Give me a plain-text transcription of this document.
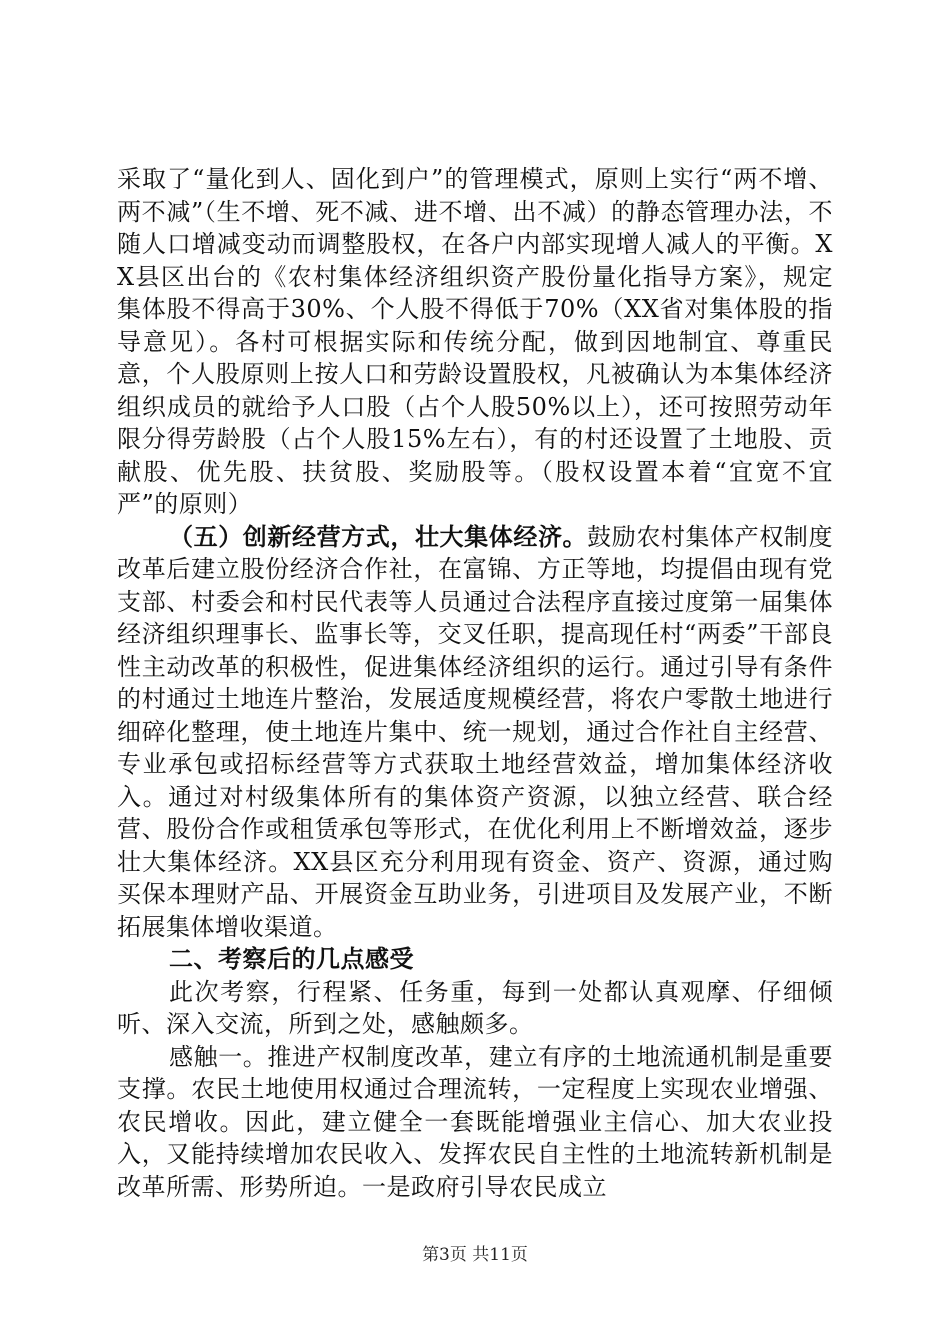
采取了“量化到人、固化到户”的管理模式，原则上实行“两不增、两不减”（生不增、死不减、进不增、出不减）的静态管理办法，不随人口增减变动而调整股权，在各户内部实现增人减人的平衡。XX县区出台的《农村集体经济组织资产股份量化指导方案》，规定集体股不得高于30%、个人股不得低于70%（XX省对集体股的指导意见）。各村可根据实际和传统分配，做到因地制宜、尊重民意，个人股原则上按人口和劳龄设置股权，凡被确认为本集体经济组织成员的就给予人口股（占个人股50%以上），还可按照劳动年限分得劳龄股（占个人股15%左右），有的村还设置了土地股、贡献股、优先股、扶贫股、奖励股等。（股权设置本着“宜宽不宜严”的原则）

（五）创新经营方式，壮大集体经济。鼓励农村集体产权制度改革后建立股份经济合作社，在富锦、方正等地，均提倡由现有党支部、村委会和村民代表等人员通过合法程序直接过度第一届集体经济组织理事长、监事长等，交叉任职，提高现任村“两委”干部良性主动改革的积极性，促进集体经济组织的运行。通过引导有条件的村通过土地连片整治，发展适度规模经营，将农户零散土地进行细碎化整理，使土地连片集中、统一规划，通过合作社自主经营、专业承包或招标经营等方式获取土地经营效益，增加集体经济收入。通过对村级集体所有的集体资产资源，以独立经营、联合经营、股份合作或租赁承包等形式，在优化利用上不断增效益，逐步壮大集体经济。XX县区充分利用现有资金、资产、资源，通过购买保本理财产品、开展资金互助业务，引进项目及发展产业，不断拓展集体增收渠道。

二、考察后的几点感受

此次考察，行程紧、任务重，每到一处都认真观摩、仔细倾听、深入交流，所到之处，感触颇多。

感触一。推进产权制度改革，建立有序的土地流通机制是重要支撑。农民土地使用权通过合理流转，一定程度上实现农业增强、农民增收。因此，建立健全一套既能增强业主信心、加大农业投入，又能持续增加农民收入、发挥农民自主性的土地流转新机制是改革所需、形势所迫。一是政府引导农民成立

第3页 共11页
